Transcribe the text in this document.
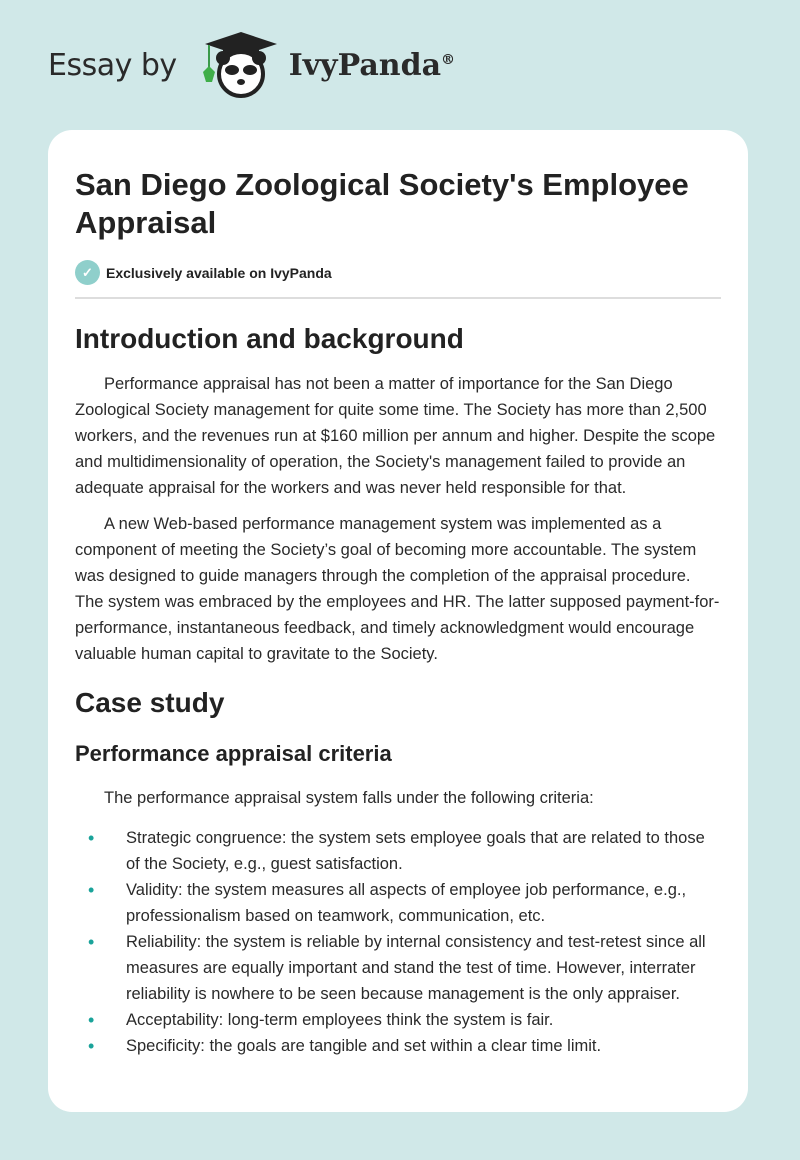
Essay by	IvyPanda®
San Diego Zoological Society's Employee Appraisal
✓ Exclusively available on IvyPanda
Introduction and background

Performance appraisal has not been a matter of importance for the San Diego Zoological Society management for quite some time. The Society has more than 2,500 workers, and the revenues run at $160 million per annum and higher. Despite the scope and multidimensionality of operation, the Society's management failed to provide an adequate appraisal for the workers and was never held responsible for that.

A new Web-based performance management system was implemented as a component of meeting the Society’s goal of becoming more accountable. The system was designed to guide managers through the completion of the appraisal procedure. The system was embraced by the employees and HR. The latter supposed payment-for-performance, instantaneous feedback, and timely acknowledgment would encourage valuable human capital to gravitate to the Society.

Case study
Performance appraisal criteria

The performance appraisal system falls under the following criteria:

• Strategic congruence: the system sets employee goals that are related to those of the Society, e.g., guest satisfaction.
• Validity: the system measures all aspects of employee job performance, e.g., professionalism based on teamwork, communication, etc.
• Reliability: the system is reliable by internal consistency and test-retest since all measures are equally important and stand the test of time. However, interrater reliability is nowhere to be seen because management is the only appraiser.
• Acceptability: long-term employees think the system is fair.
• Specificity: the goals are tangible and set within a clear time limit.
